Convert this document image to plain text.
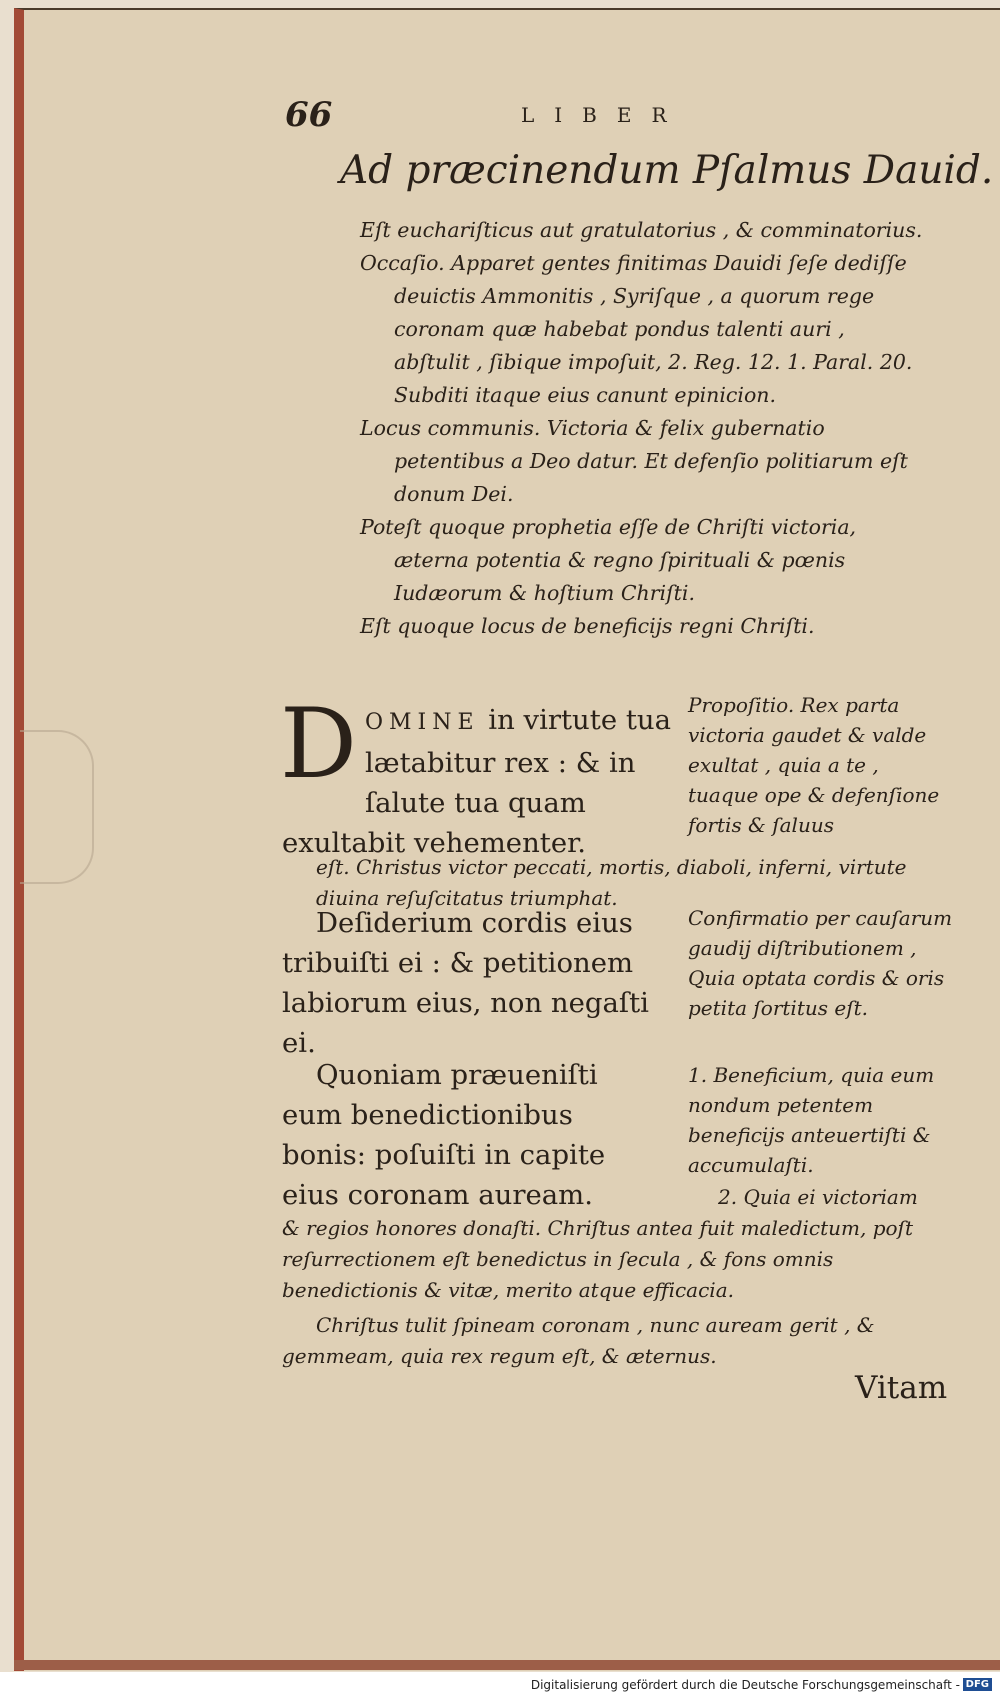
66	LIBER
Ad præcinendum Pſalmus Dauid.

Eſt euchariſticus aut gratulatorius , & comminatorius.

Occaſio. Apparet gentes finitimas Dauidi ſeſe dediſſe deuictis Ammonitis , Syriſque , a quorum rege coronam quæ habebat pondus talenti auri , abſtulit , ſibique impoſuit, 2. Reg. 12. 1. Paral. 20. Subditi itaque eius canunt epinicion.

Locus communis. Victoria & felix gubernatio petentibus a Deo datur. Et defenſio politiarum eſt donum Dei.

Poteſt quoque prophetia eſſe de Chriſti victoria, æterna potentia & regno ſpirituali & pœnis Iudæorum & hoſtium Chriſti.

Eſt quoque locus de beneficijs regni Chriſti.

D OMINE in virtute tua lætabitur rex : & in ſalute tua quam exultabit vehementer.
Propoſitio. Rex parta victoria gaudet & valde exultat , quia a te , tuaque ope & defenſione fortis & ſaluus
eſt. Christus victor peccati, mortis, diaboli, inferni, virtute diuina reſuſcitatus triumphat.
Deſiderium cordis eius tribuiſti ei : & petitionem labiorum eius, non negaſti ei.
Confirmatio per cauſarum gaudij diſtributionem , Quia optata cordis & oris petita ſortitus eſt.
Quoniam præueniſti eum benedictionibus bonis: poſuiſti in capite eius coronam auream.
1. Beneficium, quia eum nondum petentem beneficijs anteuertiſti & accumulaſti.
2. Quia ei victoriam
& regios honores donaſti. Chriſtus antea fuit maledictum, poſt reſurrectionem eſt benedictus in ſecula , & fons omnis benedictionis & vitæ, merito atque efficacia.
Chriſtus tulit ſpineam coronam , nunc auream gerit , & gemmeam, quia rex regum eſt, & æternus.
Vitam
Digitalisierung gefördert durch die Deutsche Forschungsgemeinschaft - DFG
